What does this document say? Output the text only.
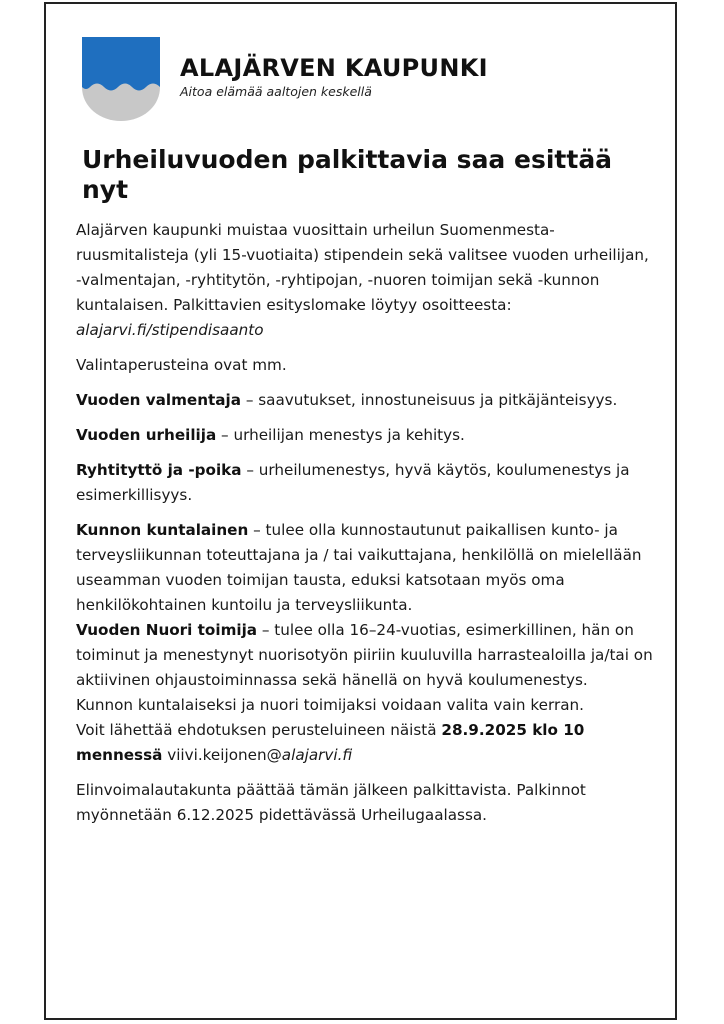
ALAJÄRVEN KAUPUNKI
Aitoa elämää aaltojen keskellä
Urheiluvuoden palkittavia saa esittää nyt

Alajärven kaupunki muistaa vuosittain urheilun Suomenmestaruusmitalisteja (yli 15-vuotiaita) stipendein sekä valitsee vuoden urheilijan, -valmentajan, -ryhtitytön, -ryhtipojan, -nuoren toimijan sekä -kunnon kuntalaisen. Palkittavien esityslomake löytyy osoitteesta: alajarvi.fi/stipendisaanto

Valintaperusteina ovat mm.

Vuoden valmentaja – saavutukset, innostuneisuus ja pitkäjänteisyys.

Vuoden urheilija – urheilijan menestys ja kehitys.

Ryhtityttö ja -poika – urheilumenestys, hyvä käytös, koulumenestys ja esimerkillisyys.

Kunnon kuntalainen – tulee olla kunnostautunut paikallisen kunto- ja terveysliikunnan toteuttajana ja / tai vaikuttajana, henkilöllä on mielellään useamman vuoden toimijan tausta, eduksi katsotaan myös oma henkilökohtainen kuntoilu ja terveysliikunta.

Vuoden Nuori toimija – tulee olla 16–24-vuotias, esimerkillinen, hän on toiminut ja menestynyt nuorisotyön piiriin kuuluvilla harrastealoilla ja/tai on aktiivinen ohjaustoiminnassa sekä hänellä on hyvä koulumenestys.

Kunnon kuntalaiseksi ja nuori toimijaksi voidaan valita vain kerran.

Voit lähettää ehdotuksen perusteluineen näistä 28.9.2025 klo 10 mennessä viivi.keijonen@alajarvi.fi

Elinvoimalautakunta päättää tämän jälkeen palkittavista. Palkinnot myönnetään 6.12.2025 pidettävässä Urheilugaalassa.
